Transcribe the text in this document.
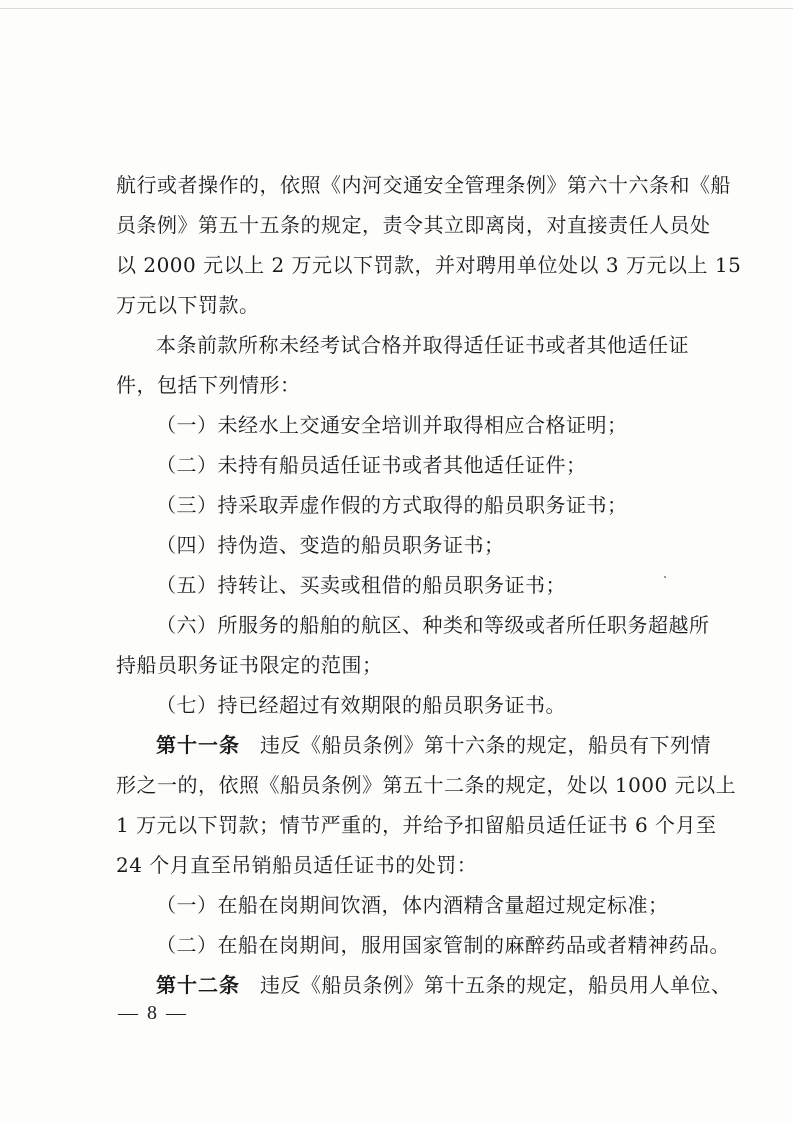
航行或者操作的，依照《内河交通安全管理条例》第六十六条和《船
员条例》第五十五条的规定，责令其立即离岗，对直接责任人员处
以 2000 元以上 2 万元以下罚款，并对聘用单位处以 3 万元以上 15
万元以下罚款。
本条前款所称未经考试合格并取得适任证书或者其他适任证
件，包括下列情形：
（一）未经水上交通安全培训并取得相应合格证明；
（二）未持有船员适任证书或者其他适任证件；
（三）持采取弄虚作假的方式取得的船员职务证书；
（四）持伪造、变造的船员职务证书；
（五）持转让、买卖或租借的船员职务证书；
（六）所服务的船舶的航区、种类和等级或者所任职务超越所
持船员职务证书限定的范围；
（七）持已经超过有效期限的船员职务证书。
第十一条 违反《船员条例》第十六条的规定，船员有下列情
形之一的，依照《船员条例》第五十二条的规定，处以 1000 元以上
1 万元以下罚款；情节严重的，并给予扣留船员适任证书 6 个月至
24 个月直至吊销船员适任证书的处罚：
（一）在船在岗期间饮酒，体内酒精含量超过规定标准；
（二）在船在岗期间，服用国家管制的麻醉药品或者精神药品。
第十二条 违反《船员条例》第十五条的规定，船员用人单位、
— 8 —
